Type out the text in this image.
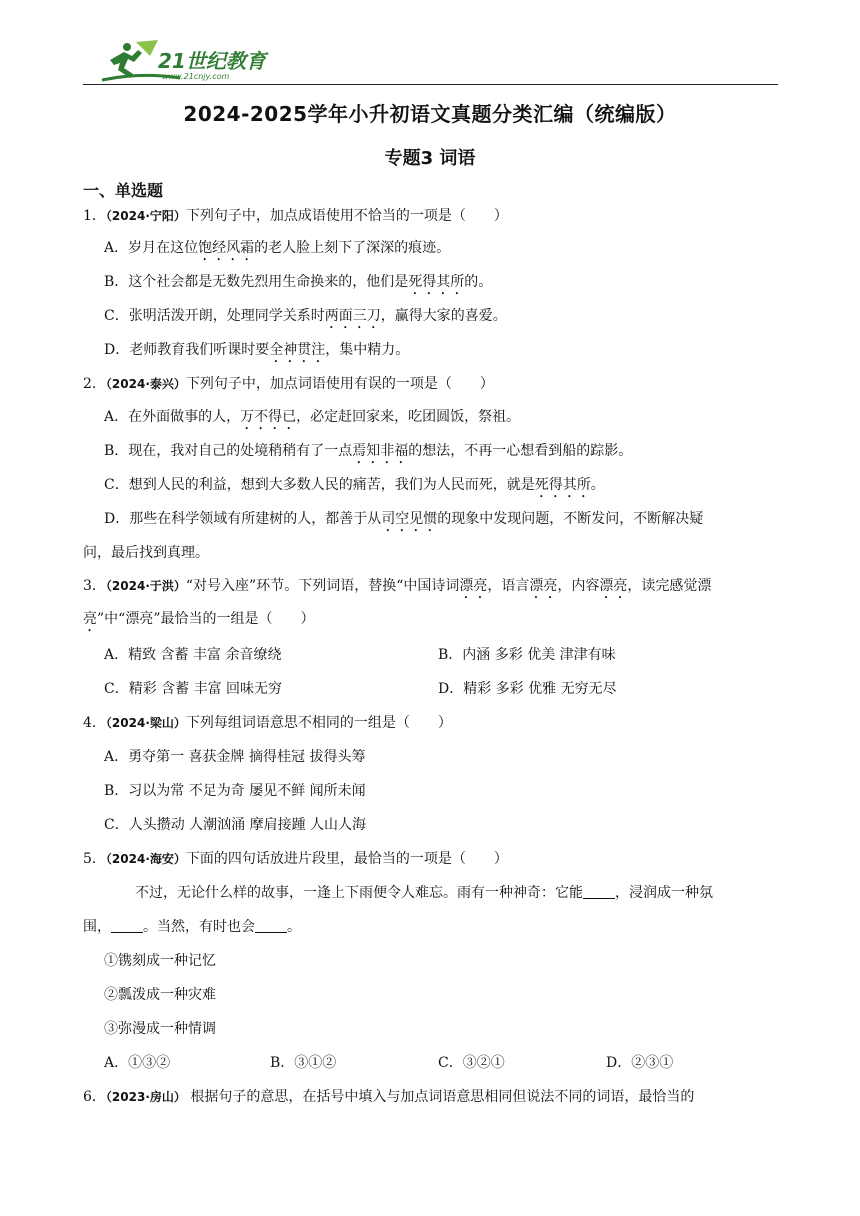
21世纪教育
www.21cnjy.com
2024-2025学年小升初语文真题分类汇编（统编版）
专题3 词语
一、单选题
1．（2024·宁阳）下列句子中，加点成语使用不恰当的一项是（　　）
A．岁月在这位饱经风霜的老人脸上刻下了深深的痕迹。
B．这个社会都是无数先烈用生命换来的，他们是死得其所的。
C．张明活泼开朗，处理同学关系时两面三刀，赢得大家的喜爱。
D．老师教育我们听课时要全神贯注，集中精力。
2．（2024·泰兴）下列句子中，加点词语使用有误的一项是（　　）
A．在外面做事的人，万不得已，必定赶回家来，吃团圆饭，祭祖。
B．现在，我对自己的处境稍稍有了一点焉知非福的想法，不再一心想看到船的踪影。
C．想到人民的利益，想到大多数人民的痛苦，我们为人民而死，就是死得其所。
D．那些在科学领域有所建树的人，都善于从司空见惯的现象中发现问题，不断发问，不断解决疑
问，最后找到真理。
3．（2024·于洪）“对号入座”环节。下列词语，替换“中国诗词漂亮，语言漂亮，内容漂亮，读完感觉漂
亮”中“漂亮”最恰当的一组是（　　）
A．精致 含蓄 丰富 余音缭绕	B．内涵 多彩 优美 津津有味
C．精彩 含蓄 丰富 回味无穷	D．精彩 多彩 优雅 无穷无尽
4．（2024·梁山）下列每组词语意思不相同的一组是（　　）
A．勇夺第一 喜获金牌 摘得桂冠 拔得头筹
B．习以为常 不足为奇 屡见不鲜 闻所未闻
C．人头攒动 人潮汹涌 摩肩接踵 人山人海
5．（2024·海安）下面的四句话放进片段里，最恰当的一项是（　　）
不过，无论什么样的故事，一逢上下雨便令人难忘。雨有一种神奇：它能 ，浸润成一种氛
围， 。当然，有时也会 。
①镌刻成一种记忆
②瓢泼成一种灾难
③弥漫成一种情调
A．①③②	B．③①②	C．③②①	D．②③①
6．（2023·房山） 根据句子的意思，在括号中填入与加点词语意思相同但说法不同的词语，最恰当的
